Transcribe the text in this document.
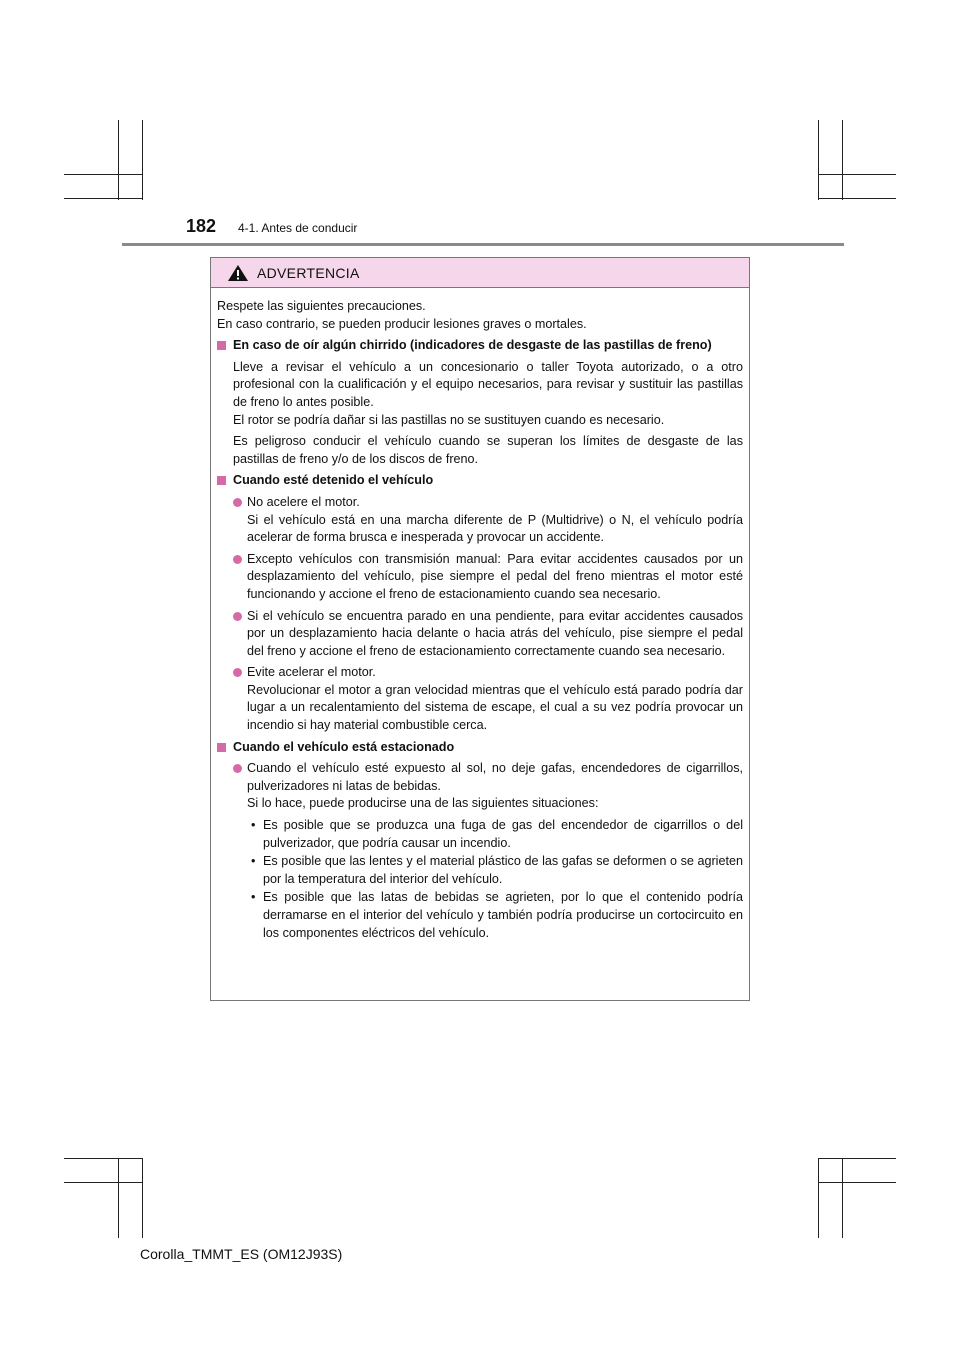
182 4-1. Antes de conducir
ADVERTENCIA

Respete las siguientes precauciones.

En caso contrario, se pueden producir lesiones graves o mortales.

En caso de oír algún chirrido (indicadores de desgaste de las pastillas de freno)

Lleve a revisar el vehículo a un concesionario o taller Toyota autorizado, o a otro profesional con la cualificación y el equipo necesarios, para revisar y sustituir las pastillas de freno lo antes posible.

El rotor se podría dañar si las pastillas no se sustituyen cuando es necesario.

Es peligroso conducir el vehículo cuando se superan los límites de desgaste de las pastillas de freno y/o de los discos de freno.

Cuando esté detenido el vehículo

No acelere el motor.

Si el vehículo está en una marcha diferente de P (Multidrive) o N, el vehículo podría acelerar de forma brusca e inesperada y provocar un accidente.

Excepto vehículos con transmisión manual: Para evitar accidentes causados por un desplazamiento del vehículo, pise siempre el pedal del freno mientras el motor esté funcionando y accione el freno de estacionamiento cuando sea necesario.

Si el vehículo se encuentra parado en una pendiente, para evitar accidentes causados por un desplazamiento hacia delante o hacia atrás del vehículo, pise siempre el pedal del freno y accione el freno de estacionamiento correctamente cuando sea necesario.

Evite acelerar el motor.

Revolucionar el motor a gran velocidad mientras que el vehículo está parado podría dar lugar a un recalentamiento del sistema de escape, el cual a su vez podría provocar un incendio si hay material combustible cerca.

Cuando el vehículo está estacionado

Cuando el vehículo esté expuesto al sol, no deje gafas, encendedores de cigarrillos, pulverizadores ni latas de bebidas.

Si lo hace, puede producirse una de las siguientes situaciones:

• Es posible que se produzca una fuga de gas del encendedor de cigarrillos o del pulverizador, que podría causar un incendio.

• Es posible que las lentes y el material plástico de las gafas se deformen o se agrieten por la temperatura del interior del vehículo.

• Es posible que las latas de bebidas se agrieten, por lo que el contenido podría derramarse en el interior del vehículo y también podría producirse un cortocircuito en los componentes eléctricos del vehículo.

Corolla_TMMT_ES (OM12J93S)
